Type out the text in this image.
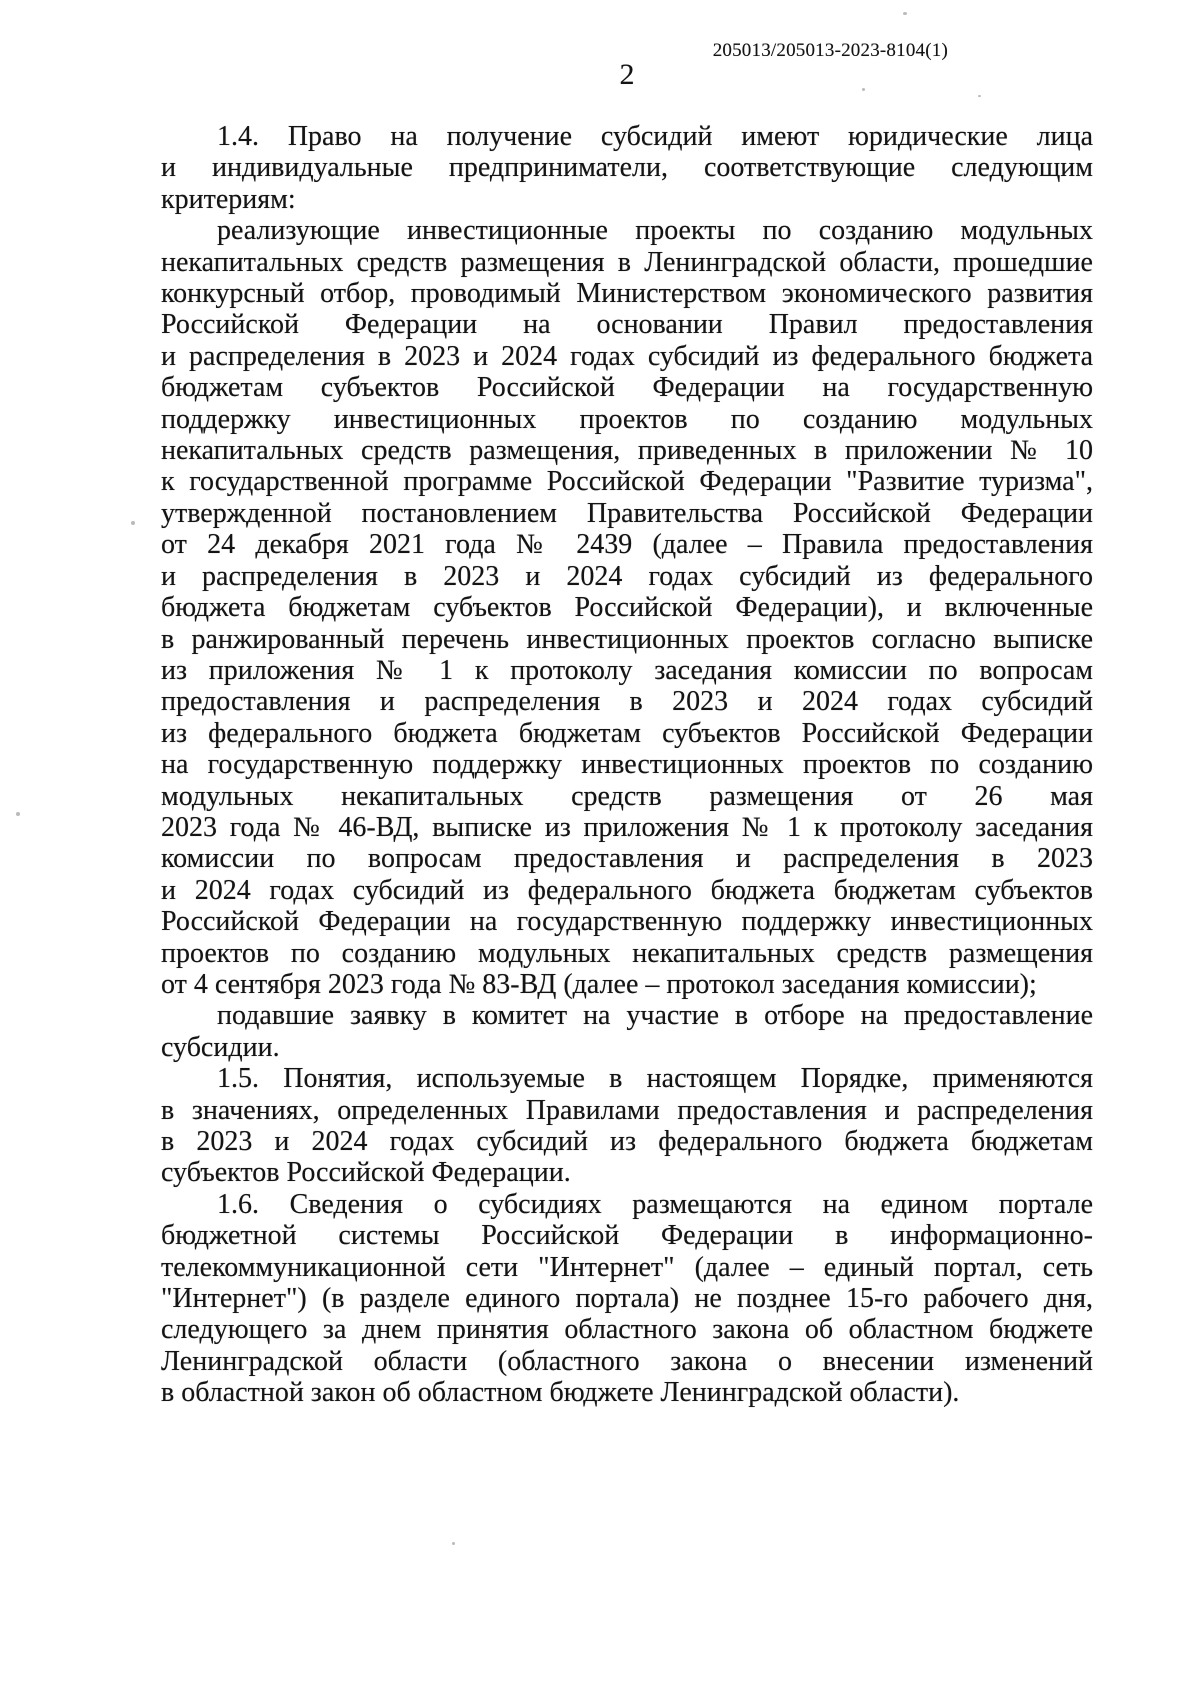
205013/205013-2023-8104(1)
2
1.4. Право на получение субсидий имеют юридические лица
и индивидуальные предприниматели, соответствующие следующим
критериям:
реализующие инвестиционные проекты по созданию модульных
некапитальных средств размещения в Ленинградской области, прошедшие
конкурсный отбор, проводимый Министерством экономического развития
Российской Федерации на основании Правил предоставления
и распределения в 2023 и 2024 годах субсидий из федерального бюджета
бюджетам субъектов Российской Федерации на государственную
поддержку инвестиционных проектов по созданию модульных
некапитальных средств размещения, приведенных в приложении № 10
к государственной программе Российской Федерации "Развитие туризма",
утвержденной постановлением Правительства Российской Федерации
от 24 декабря 2021 года № 2439 (далее – Правила предоставления
и распределения в 2023 и 2024 годах субсидий из федерального
бюджета бюджетам субъектов Российской Федерации), и включенные
в ранжированный перечень инвестиционных проектов согласно выписке
из приложения № 1 к протоколу заседания комиссии по вопросам
предоставления и распределения в 2023 и 2024 годах субсидий
из федерального бюджета бюджетам субъектов Российской Федерации
на государственную поддержку инвестиционных проектов по созданию
модульных некапитальных средств размещения от 26 мая
2023 года № 46-ВД, выписке из приложения № 1 к протоколу заседания
комиссии по вопросам предоставления и распределения в 2023
и 2024 годах субсидий из федерального бюджета бюджетам субъектов
Российской Федерации на государственную поддержку инвестиционных
проектов по созданию модульных некапитальных средств размещения
от 4 сентября 2023 года № 83-ВД (далее – протокол заседания комиссии);
подавшие заявку в комитет на участие в отборе на предоставление
субсидии.
1.5. Понятия, используемые в настоящем Порядке, применяются
в значениях, определенных Правилами предоставления и распределения
в 2023 и 2024 годах субсидий из федерального бюджета бюджетам
субъектов Российской Федерации.
1.6. Сведения о субсидиях размещаются на едином портале
бюджетной системы Российской Федерации в информационно-
телекоммуникационной сети "Интернет" (далее – единый портал, сеть
"Интернет") (в разделе единого портала) не позднее 15-го рабочего дня,
следующего за днем принятия областного закона об областном бюджете
Ленинградской области (областного закона о внесении изменений
в областной закон об областном бюджете Ленинградской области).
